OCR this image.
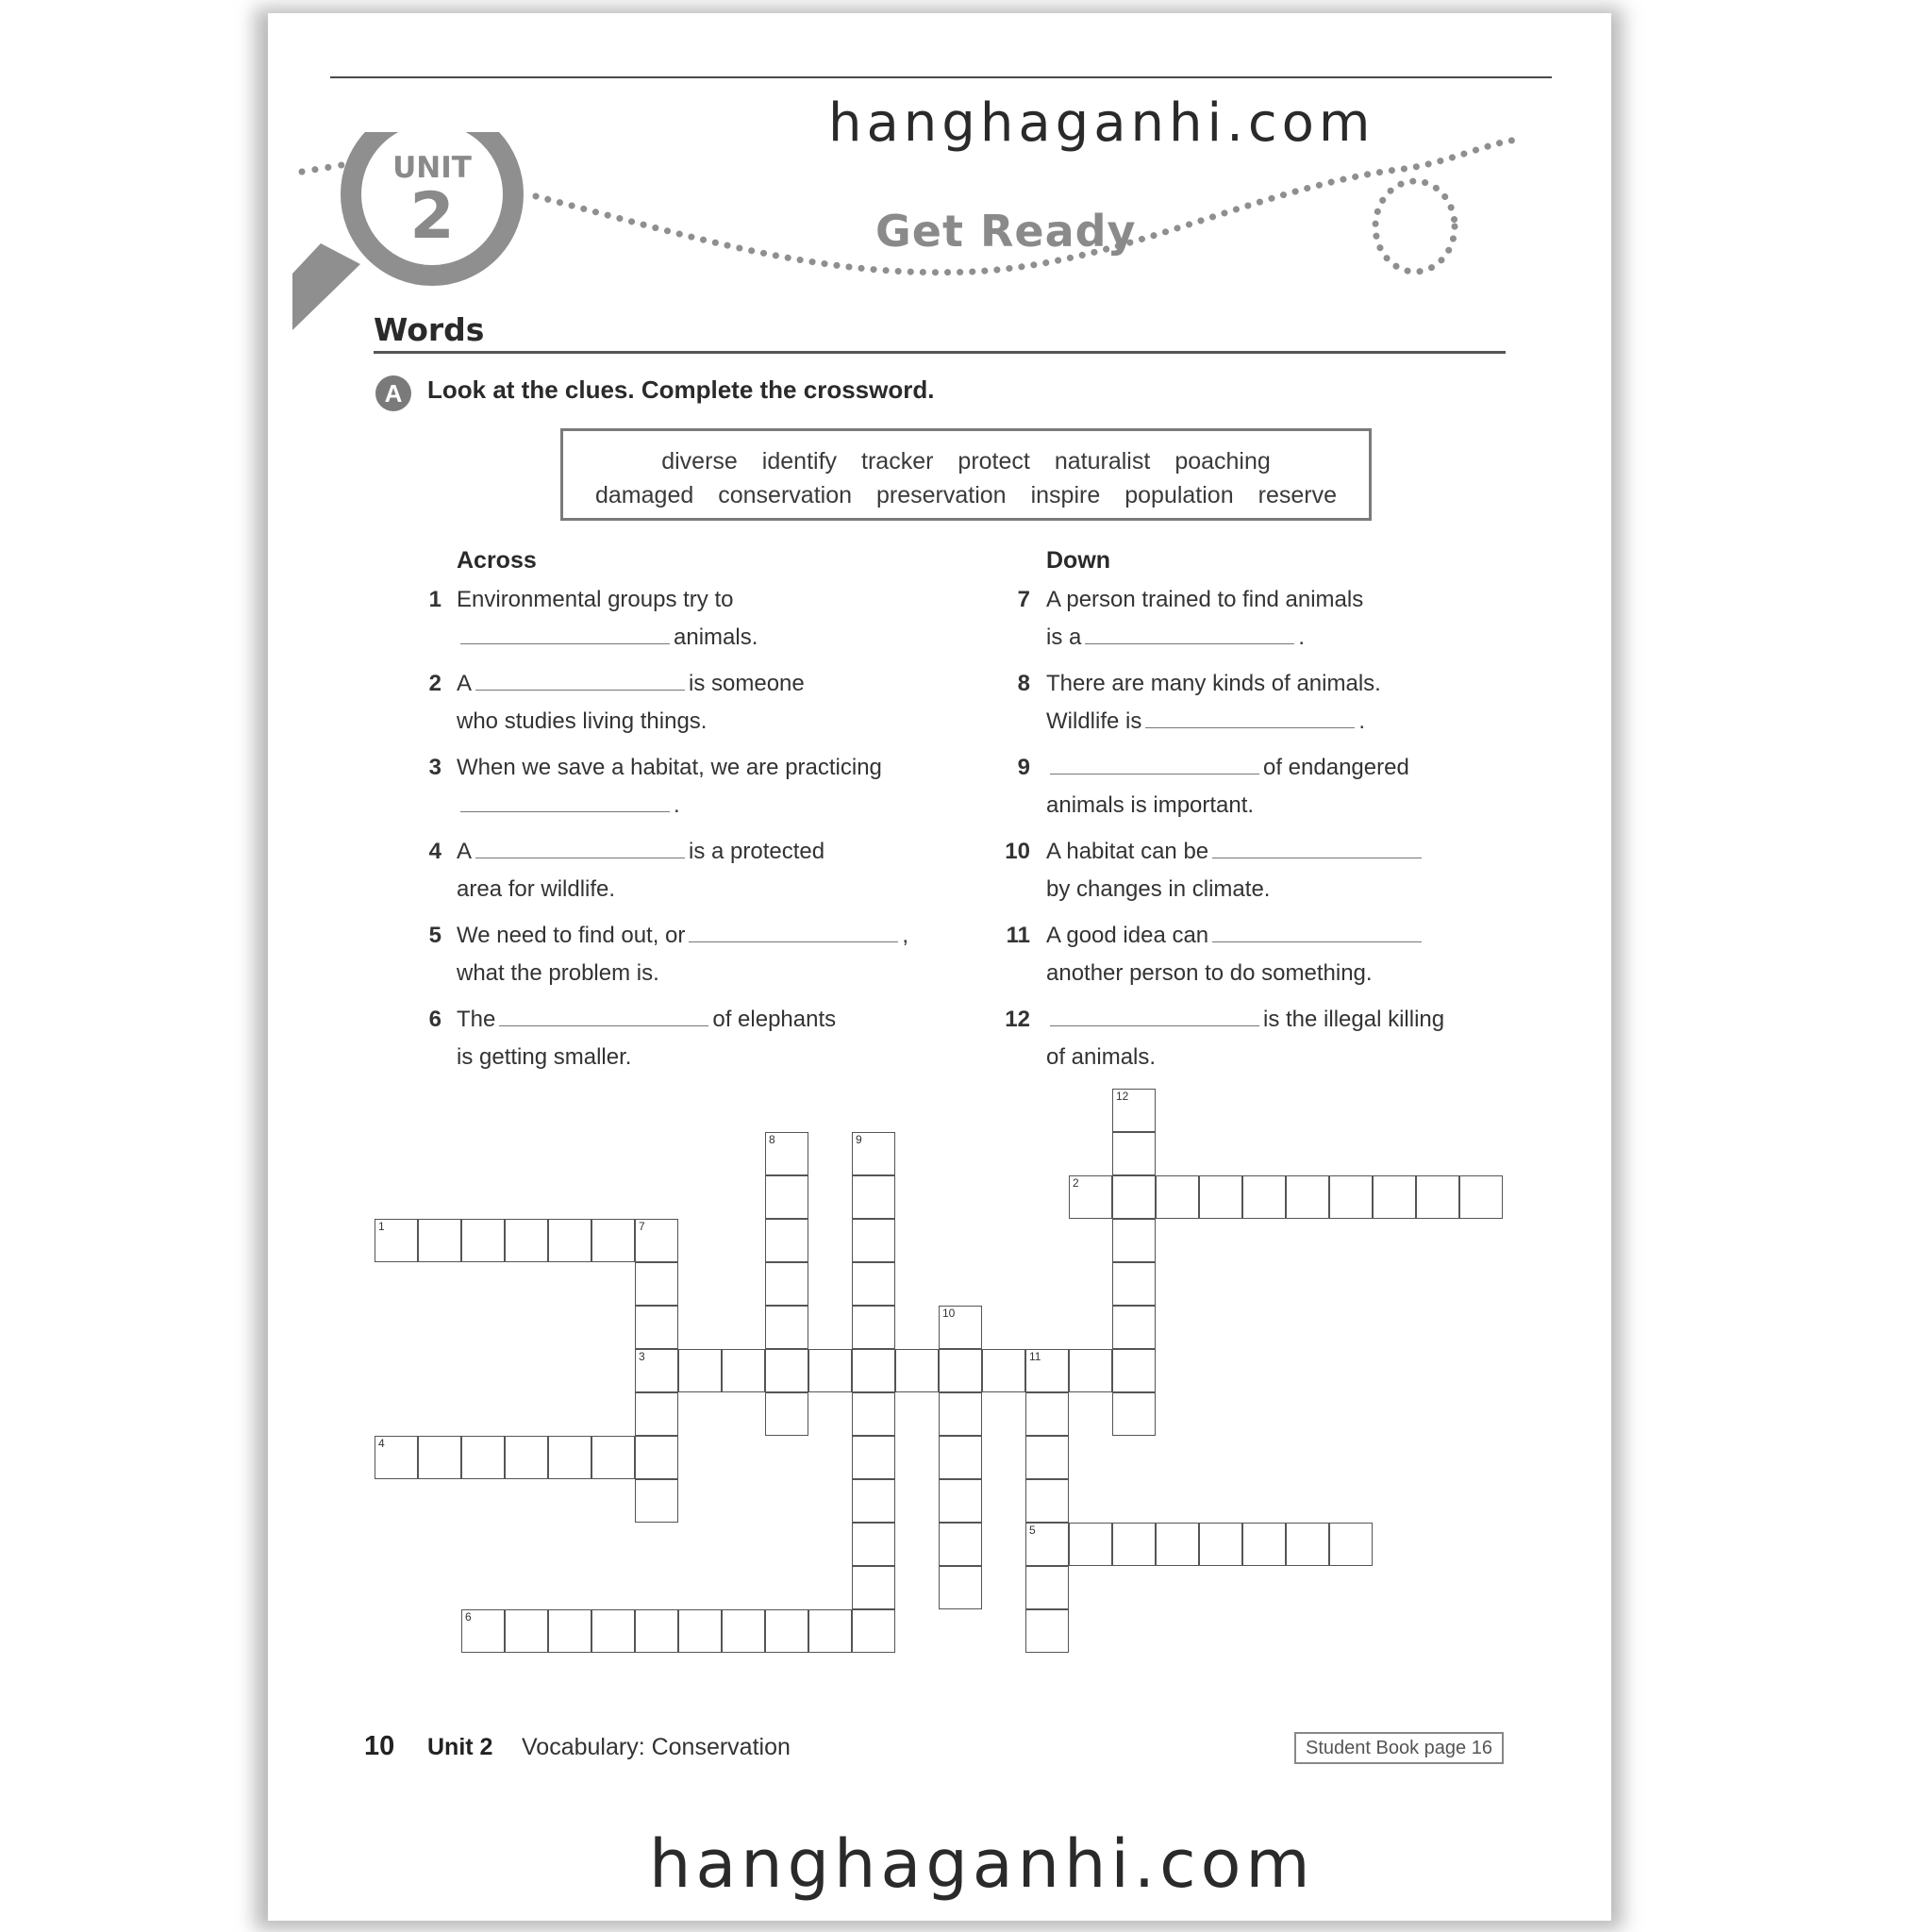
hanghaganhi.com
UNIT
2	Get Ready
Words
A	Look at the clues. Complete the crossword.
diverse identify tracker protect naturalist poaching
damaged conservation preservation inspire population reserve
Across	Down
1 Environmental groups try to
animals.
2 A	is someone
who studies living things.
3 When we save a habitat, we are practicing
.
4 A	is a protected
area for wildlife.
5 We need to find out, or	,
what the problem is.
6 The	of elephants
is getting smaller.
7 A person trained to find animals
is a	.
8 There are many kinds of animals.
Wildlife is	.
9	of endangered
animals is important.
10 A habitat can be
by changes in climate.
11 A good idea can
another person to do something.
12	is the illegal killing
of animals.
1	7
2
3	11
4
5
6
8	9
10
12
hanghaganhi.com
10 Unit 2 Vocabulary: Conservation	Student Book page 16
